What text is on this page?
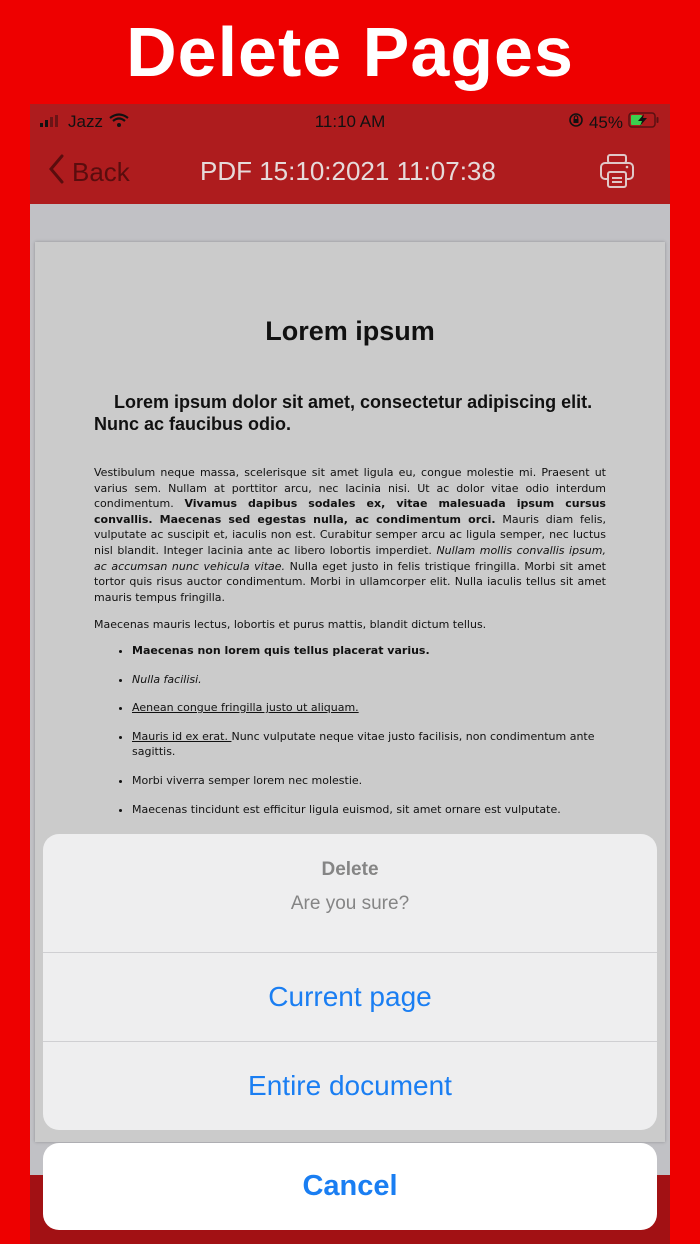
Delete Pages
Jazz	11:10 AM	45%
Back	PDF 15:10:2021 11:07:38
Lorem ipsum
Lorem ipsum dolor sit amet, consectetur adipiscing elit. Nunc ac faucibus odio.

Vestibulum neque massa, scelerisque sit amet ligula eu, congue molestie mi. Praesent ut varius sem. Nullam at porttitor arcu, nec lacinia nisi. Ut ac dolor vitae odio interdum condimentum. Vivamus dapibus sodales ex, vitae malesuada ipsum cursus convallis. Maecenas sed egestas nulla, ac condimentum orci. Mauris diam felis, vulputate ac suscipit et, iaculis non est. Curabitur semper arcu ac ligula semper, nec luctus nisl blandit. Integer lacinia ante ac libero lobortis imperdiet. Nullam mollis convallis ipsum, ac accumsan nunc vehicula vitae. Nulla eget justo in felis tristique fringilla. Morbi sit amet tortor quis risus auctor condimentum. Morbi in ullamcorper elit. Nulla iaculis tellus sit amet mauris tempus fringilla.

Maecenas mauris lectus, lobortis et purus mattis, blandit dictum tellus.

• Maecenas non lorem quis tellus placerat varius.
• Nulla facilisi.
• Aenean congue fringilla justo ut aliquam.
• Mauris id ex erat. Nunc vulputate neque vitae justo facilisis, non condimentum ante sagittis.
• Morbi viverra semper lorem nec molestie.
• Maecenas tincidunt est efficitur ligula euismod, sit amet ornare est vulputate.
Delete
Are you sure?
Current page
Entire document
Cancel
